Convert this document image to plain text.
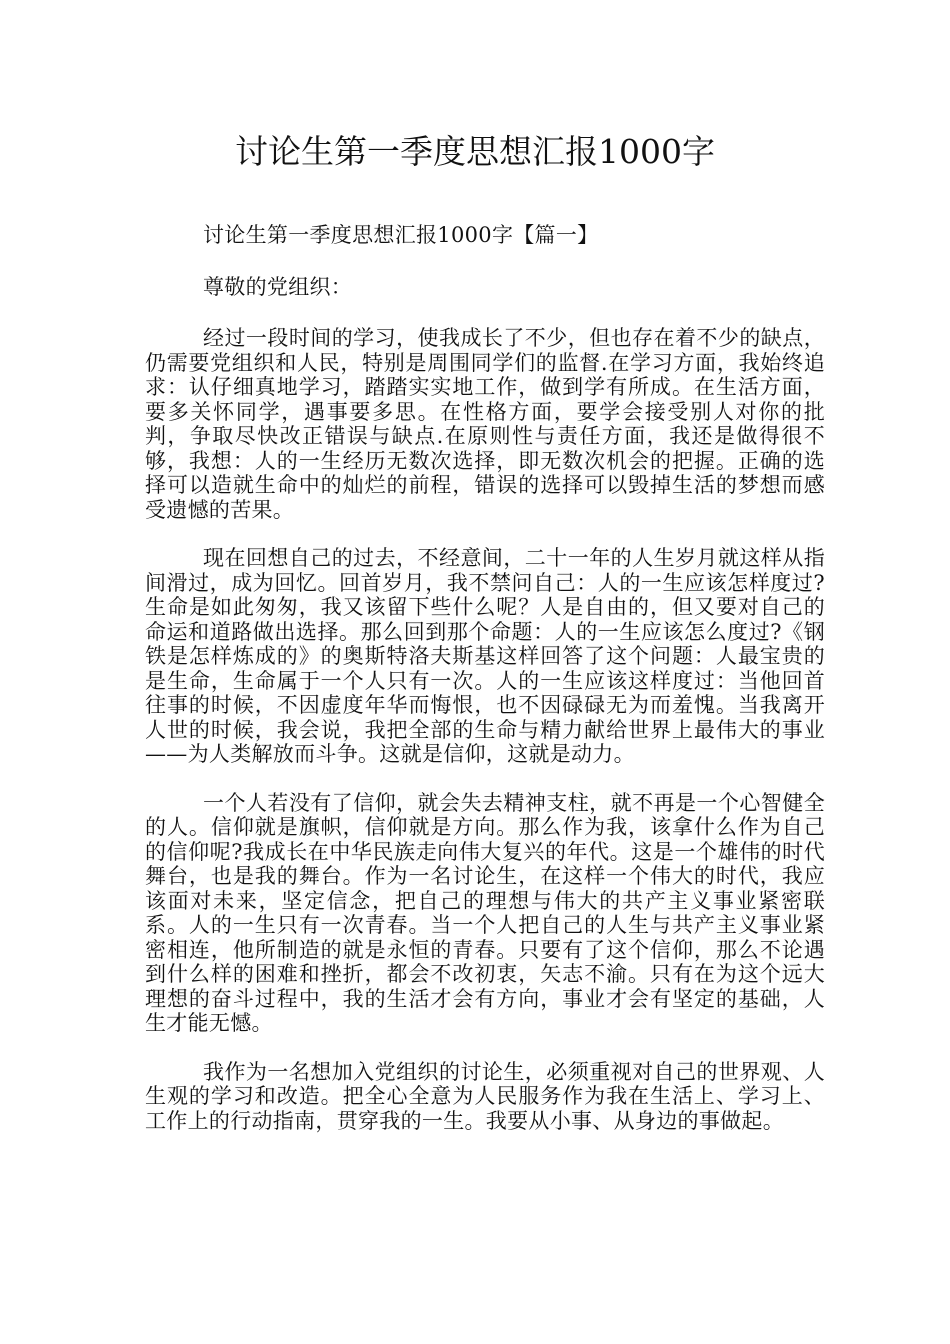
讨论生第一季度思想汇报1000字

讨论生第一季度思想汇报1000字【篇一】

尊敬的党组织：

经过一段时间的学习，使我成长了不少，但也存在着不少的缺点，仍需要党组织和人民，特别是周围同学们的监督.在学习方面，我始终追求：认仔细真地学习，踏踏实实地工作，做到学有所成。在生活方面，要多关怀同学，遇事要多思。在性格方面，要学会接受别人对你的批判，争取尽快改正错误与缺点.在原则性与责任方面，我还是做得很不够，我想：人的一生经历无数次选择，即无数次机会的把握。正确的选择可以造就生命中的灿烂的前程，错误的选择可以毁掉生活的梦想而感受遗憾的苦果。

现在回想自己的过去，不经意间，二十一年的人生岁月就这样从指间滑过，成为回忆。回首岁月，我不禁问自己：人的一生应该怎样度过?生命是如此匆匆，我又该留下些什么呢？人是自由的，但又要对自己的命运和道路做出选择。那么回到那个命题：人的一生应该怎么度过?《钢铁是怎样炼成的》的奥斯特洛夫斯基这样回答了这个问题：人最宝贵的是生命，生命属于一个人只有一次。人的一生应该这样度过：当他回首往事的时候，不因虚度年华而悔恨，也不因碌碌无为而羞愧。当我离开人世的时候，我会说，我把全部的生命与精力献给世界上最伟大的事业——为人类解放而斗争。这就是信仰，这就是动力。

一个人若没有了信仰，就会失去精神支柱，就不再是一个心智健全的人。信仰就是旗帜，信仰就是方向。那么作为我，该拿什么作为自己的信仰呢?我成长在中华民族走向伟大复兴的年代。这是一个雄伟的时代舞台，也是我的舞台。作为一名讨论生，在这样一个伟大的时代，我应该面对未来，坚定信念，把自己的理想与伟大的共产主义事业紧密联系。人的一生只有一次青春。当一个人把自己的人生与共产主义事业紧密相连，他所制造的就是永恒的青春。只要有了这个信仰，那么不论遇到什么样的困难和挫折，都会不改初衷，矢志不渝。只有在为这个远大理想的奋斗过程中，我的生活才会有方向，事业才会有坚定的基础，人生才能无憾。

我作为一名想加入党组织的讨论生，必须重视对自己的世界观、人生观的学习和改造。把全心全意为人民服务作为我在生活上、学习上、工作上的行动指南，贯穿我的一生。我要从小事、从身边的事做起。
